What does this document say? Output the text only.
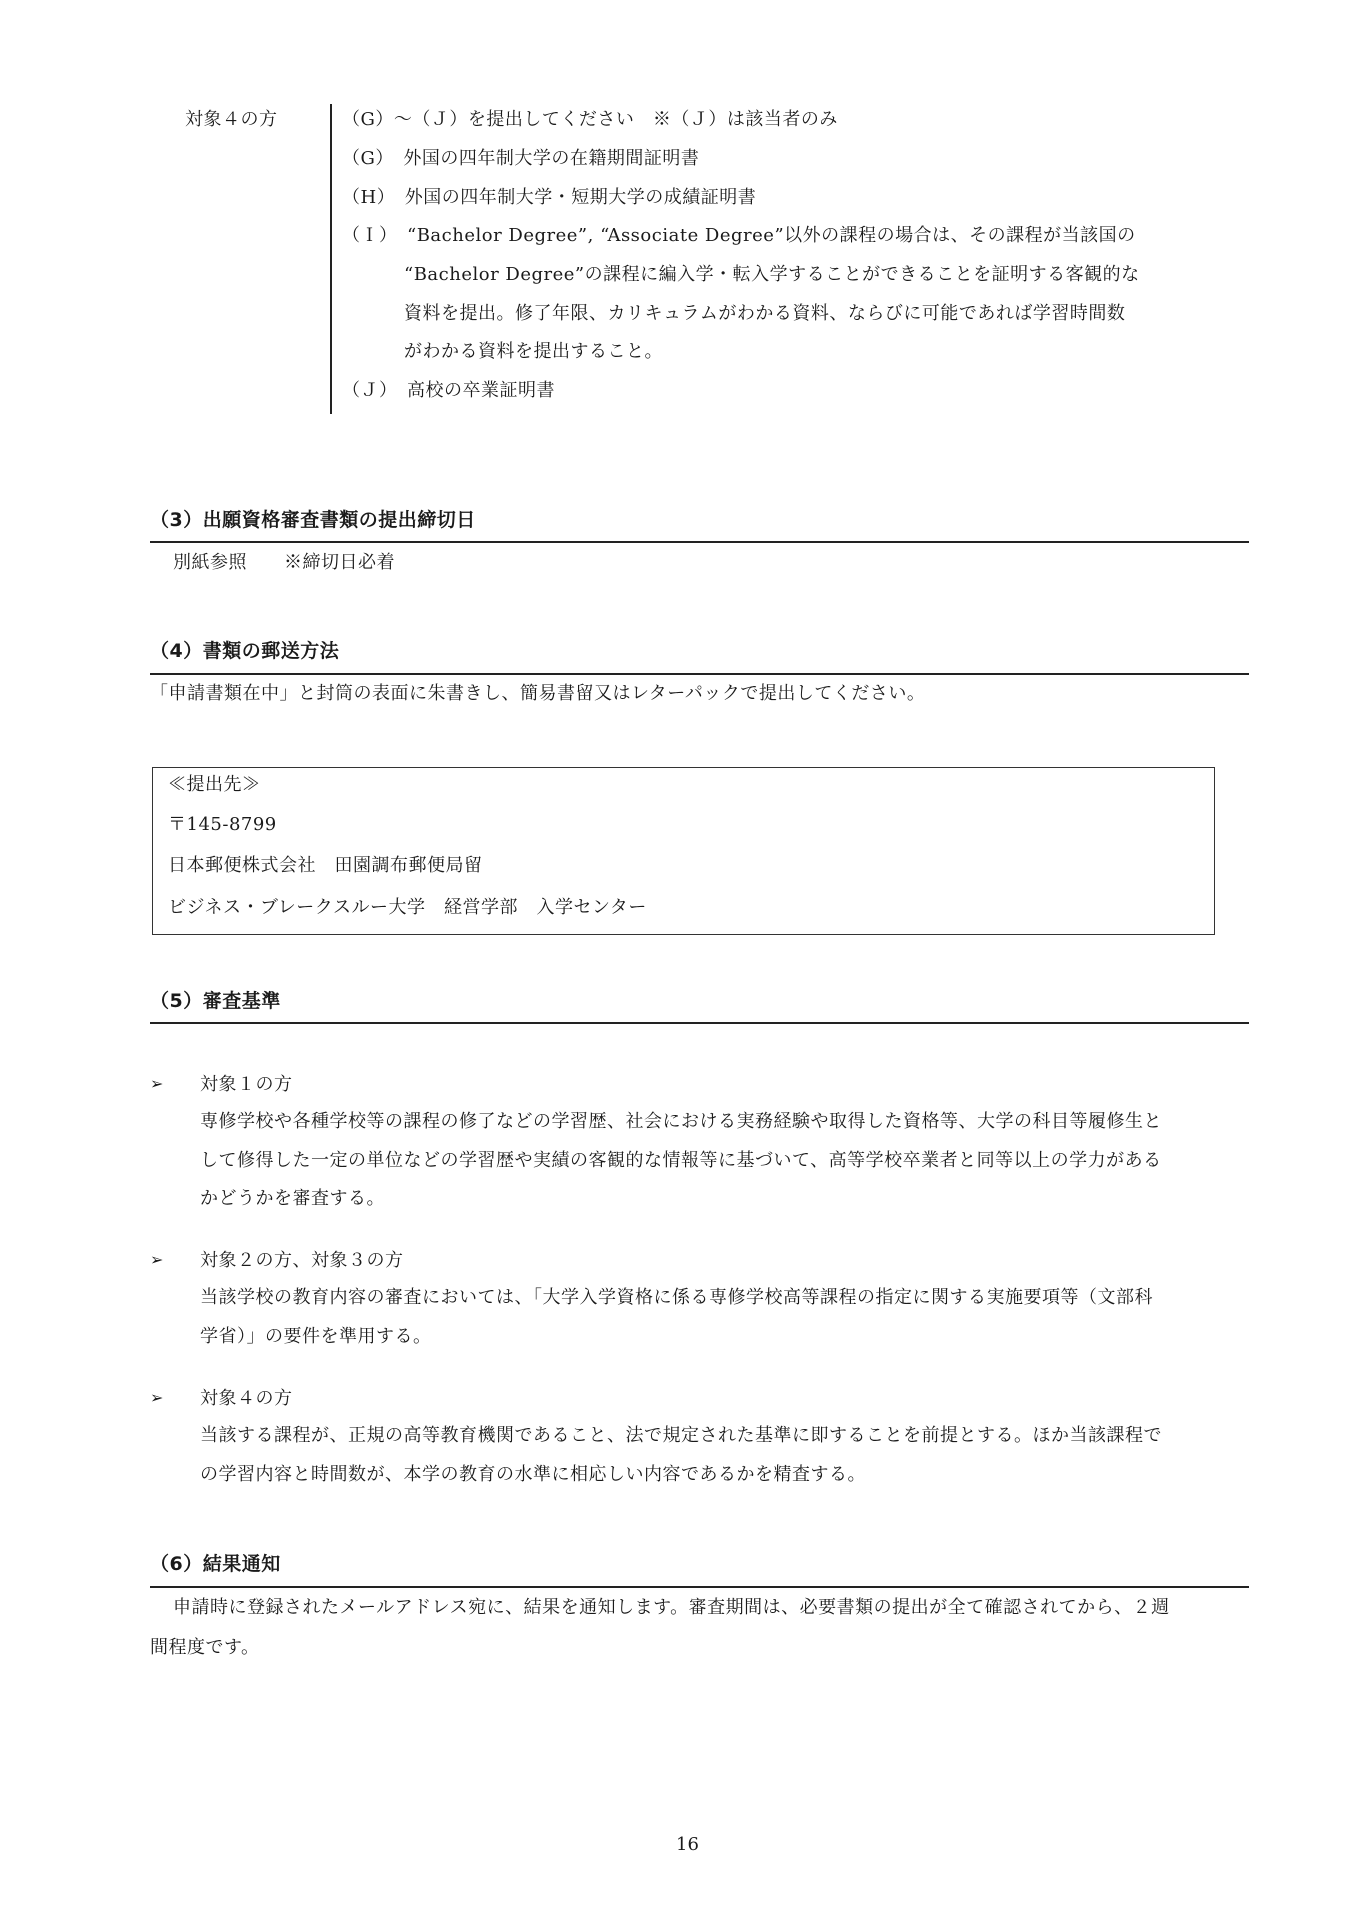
対象４の方	（G）〜（Ｊ）を提出してください　※（Ｊ）は該当者のみ
（G）　外国の四年制大学の在籍期間証明書
（H）　外国の四年制大学・短期大学の成績証明書
（Ｉ）　“Bachelor Degree”, “Associate Degree”以外の課程の場合は、その課程が当該国の
“Bachelor Degree”の課程に編入学・転入学することができることを証明する客観的な
資料を提出。修了年限、カリキュラムがわかる資料、ならびに可能であれば学習時間数
がわかる資料を提出すること。
（Ｊ）　高校の卒業証明書
（3）出願資格審査書類の提出締切日
別紙参照　　※締切日必着
（4）書類の郵送方法
「申請書類在中」と封筒の表面に朱書きし、簡易書留又はレターパックで提出してください。
≪提出先≫
〒145-8799
日本郵便株式会社　田園調布郵便局留
ビジネス・ブレークスルー大学　経営学部　入学センター
（5）審査基準
➢ 対象１の方
専修学校や各種学校等の課程の修了などの学習歴、社会における実務経験や取得した資格等、大学の科目等履修生と
して修得した一定の単位などの学習歴や実績の客観的な情報等に基づいて、高等学校卒業者と同等以上の学力がある
かどうかを審査する。
➢ 対象２の方、対象３の方
当該学校の教育内容の審査においては、「大学入学資格に係る専修学校高等課程の指定に関する実施要項等（文部科
学省）」の要件を準用する。
➢ 対象４の方
当該する課程が、正規の高等教育機関であること、法で規定された基準に即することを前提とする。ほか当該課程で
の学習内容と時間数が、本学の教育の水準に相応しい内容であるかを精査する。
（6）結果通知
申請時に登録されたメールアドレス宛に、結果を通知します。審査期間は、必要書類の提出が全て確認されてから、２週
間程度です。
16
